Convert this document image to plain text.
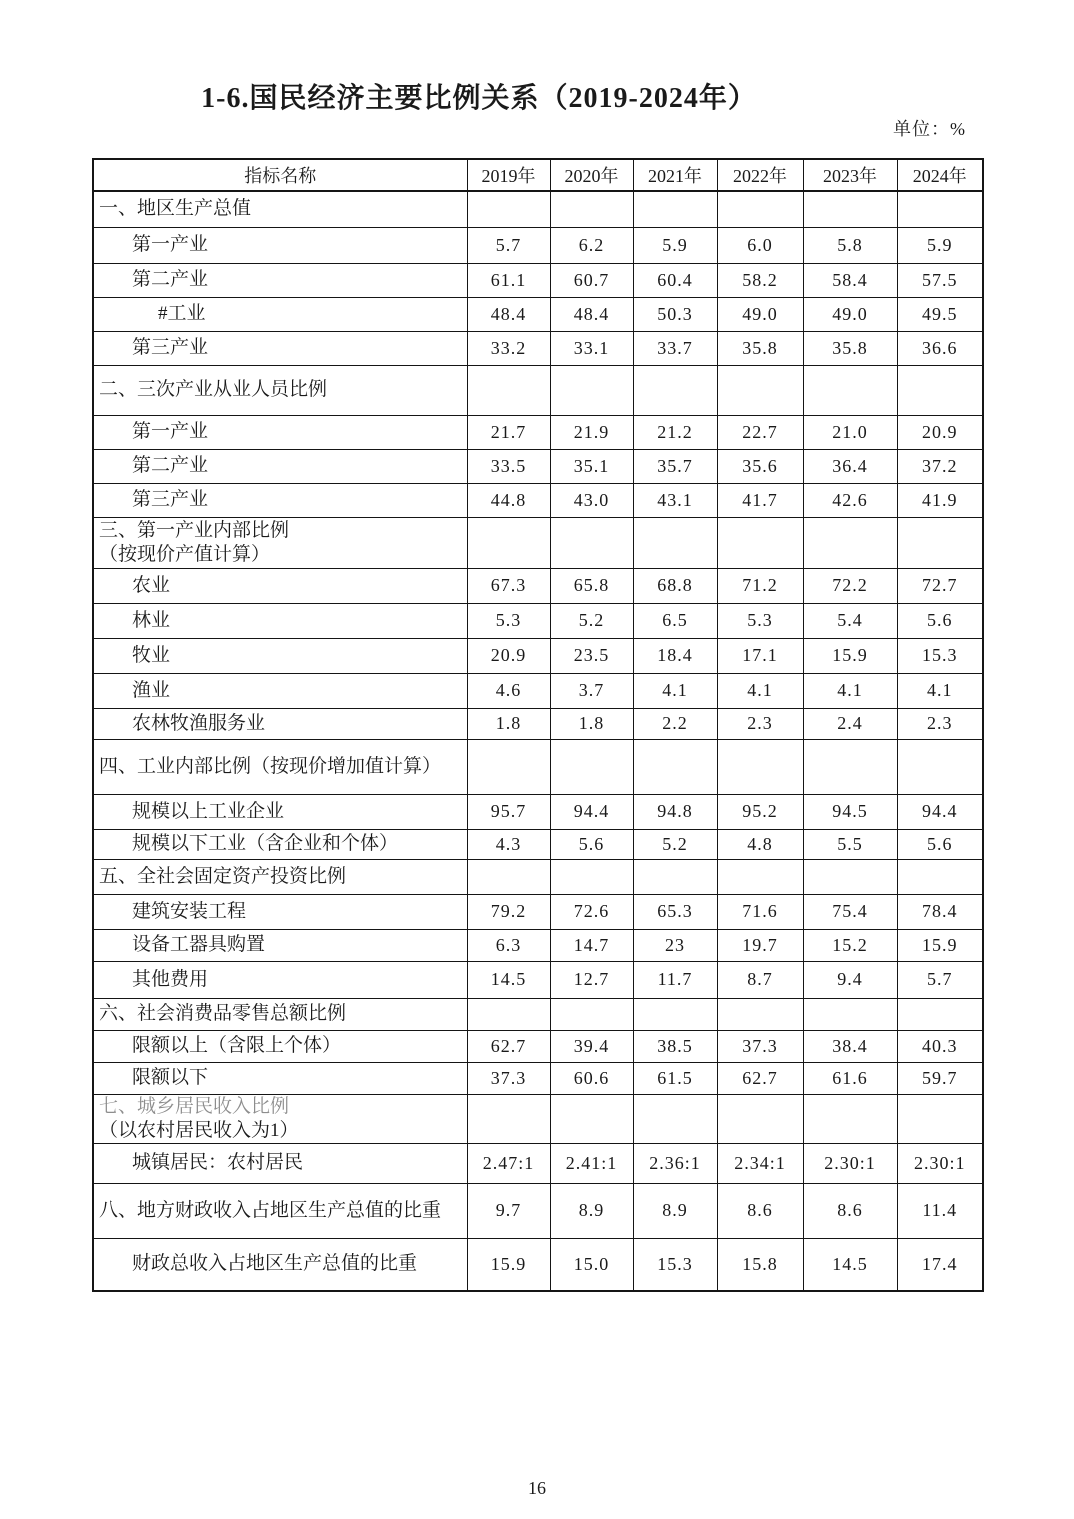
1-6.国民经济主要比例关系（2019-2024年）
单位：%
指标名称	2019年	2020年	2021年	2022年	2023年	2024年

一、地区生产总值						

第一产业	5.7	6.2	5.9	6.0	5.8	5.9

第二产业	61.1	60.7	60.4	58.2	58.4	57.5

#工业	48.4	48.4	50.3	49.0	49.0	49.5

第三产业	33.2	33.1	33.7	35.8	35.8	36.6

二、三次产业从业人员比例						

第一产业	21.7	21.9	21.2	22.7	21.0	20.9

第二产业	33.5	35.1	35.7	35.6	36.4	37.2

第三产业	44.8	43.0	43.1	41.7	42.6	41.9

三、第一产业内部比例
（按现价产值计算）						

农业	67.3	65.8	68.8	71.2	72.2	72.7

林业	5.3	5.2	6.5	5.3	5.4	5.6

牧业	20.9	23.5	18.4	17.1	15.9	15.3

渔业	4.6	3.7	4.1	4.1	4.1	4.1

农林牧渔服务业	1.8	1.8	2.2	2.3	2.4	2.3

四、工业内部比例（按现价增加值计算）						

规模以上工业企业	95.7	94.4	94.8	95.2	94.5	94.4

规模以下工业（含企业和个体）	4.3	5.6	5.2	4.8	5.5	5.6

五、全社会固定资产投资比例						

建筑安装工程	79.2	72.6	65.3	71.6	75.4	78.4

设备工器具购置	6.3	14.7	23	19.7	15.2	15.9

其他费用	14.5	12.7	11.7	8.7	9.4	5.7

六、社会消费品零售总额比例						

限额以上（含限上个体）	62.7	39.4	38.5	37.3	38.4	40.3

限额以下	37.3	60.6	61.5	62.7	61.6	59.7

七、城乡居民收入比例
（以农村居民收入为1）						

城镇居民：农村居民	2.47:1	2.41:1	2.36:1	2.34:1	2.30:1	2.30:1

八、地方财政收入占地区生产总值的比重	9.7	8.9	8.9	8.6	8.6	11.4

财政总收入占地区生产总值的比重	15.9	15.0	15.3	15.8	14.5	17.4
16
